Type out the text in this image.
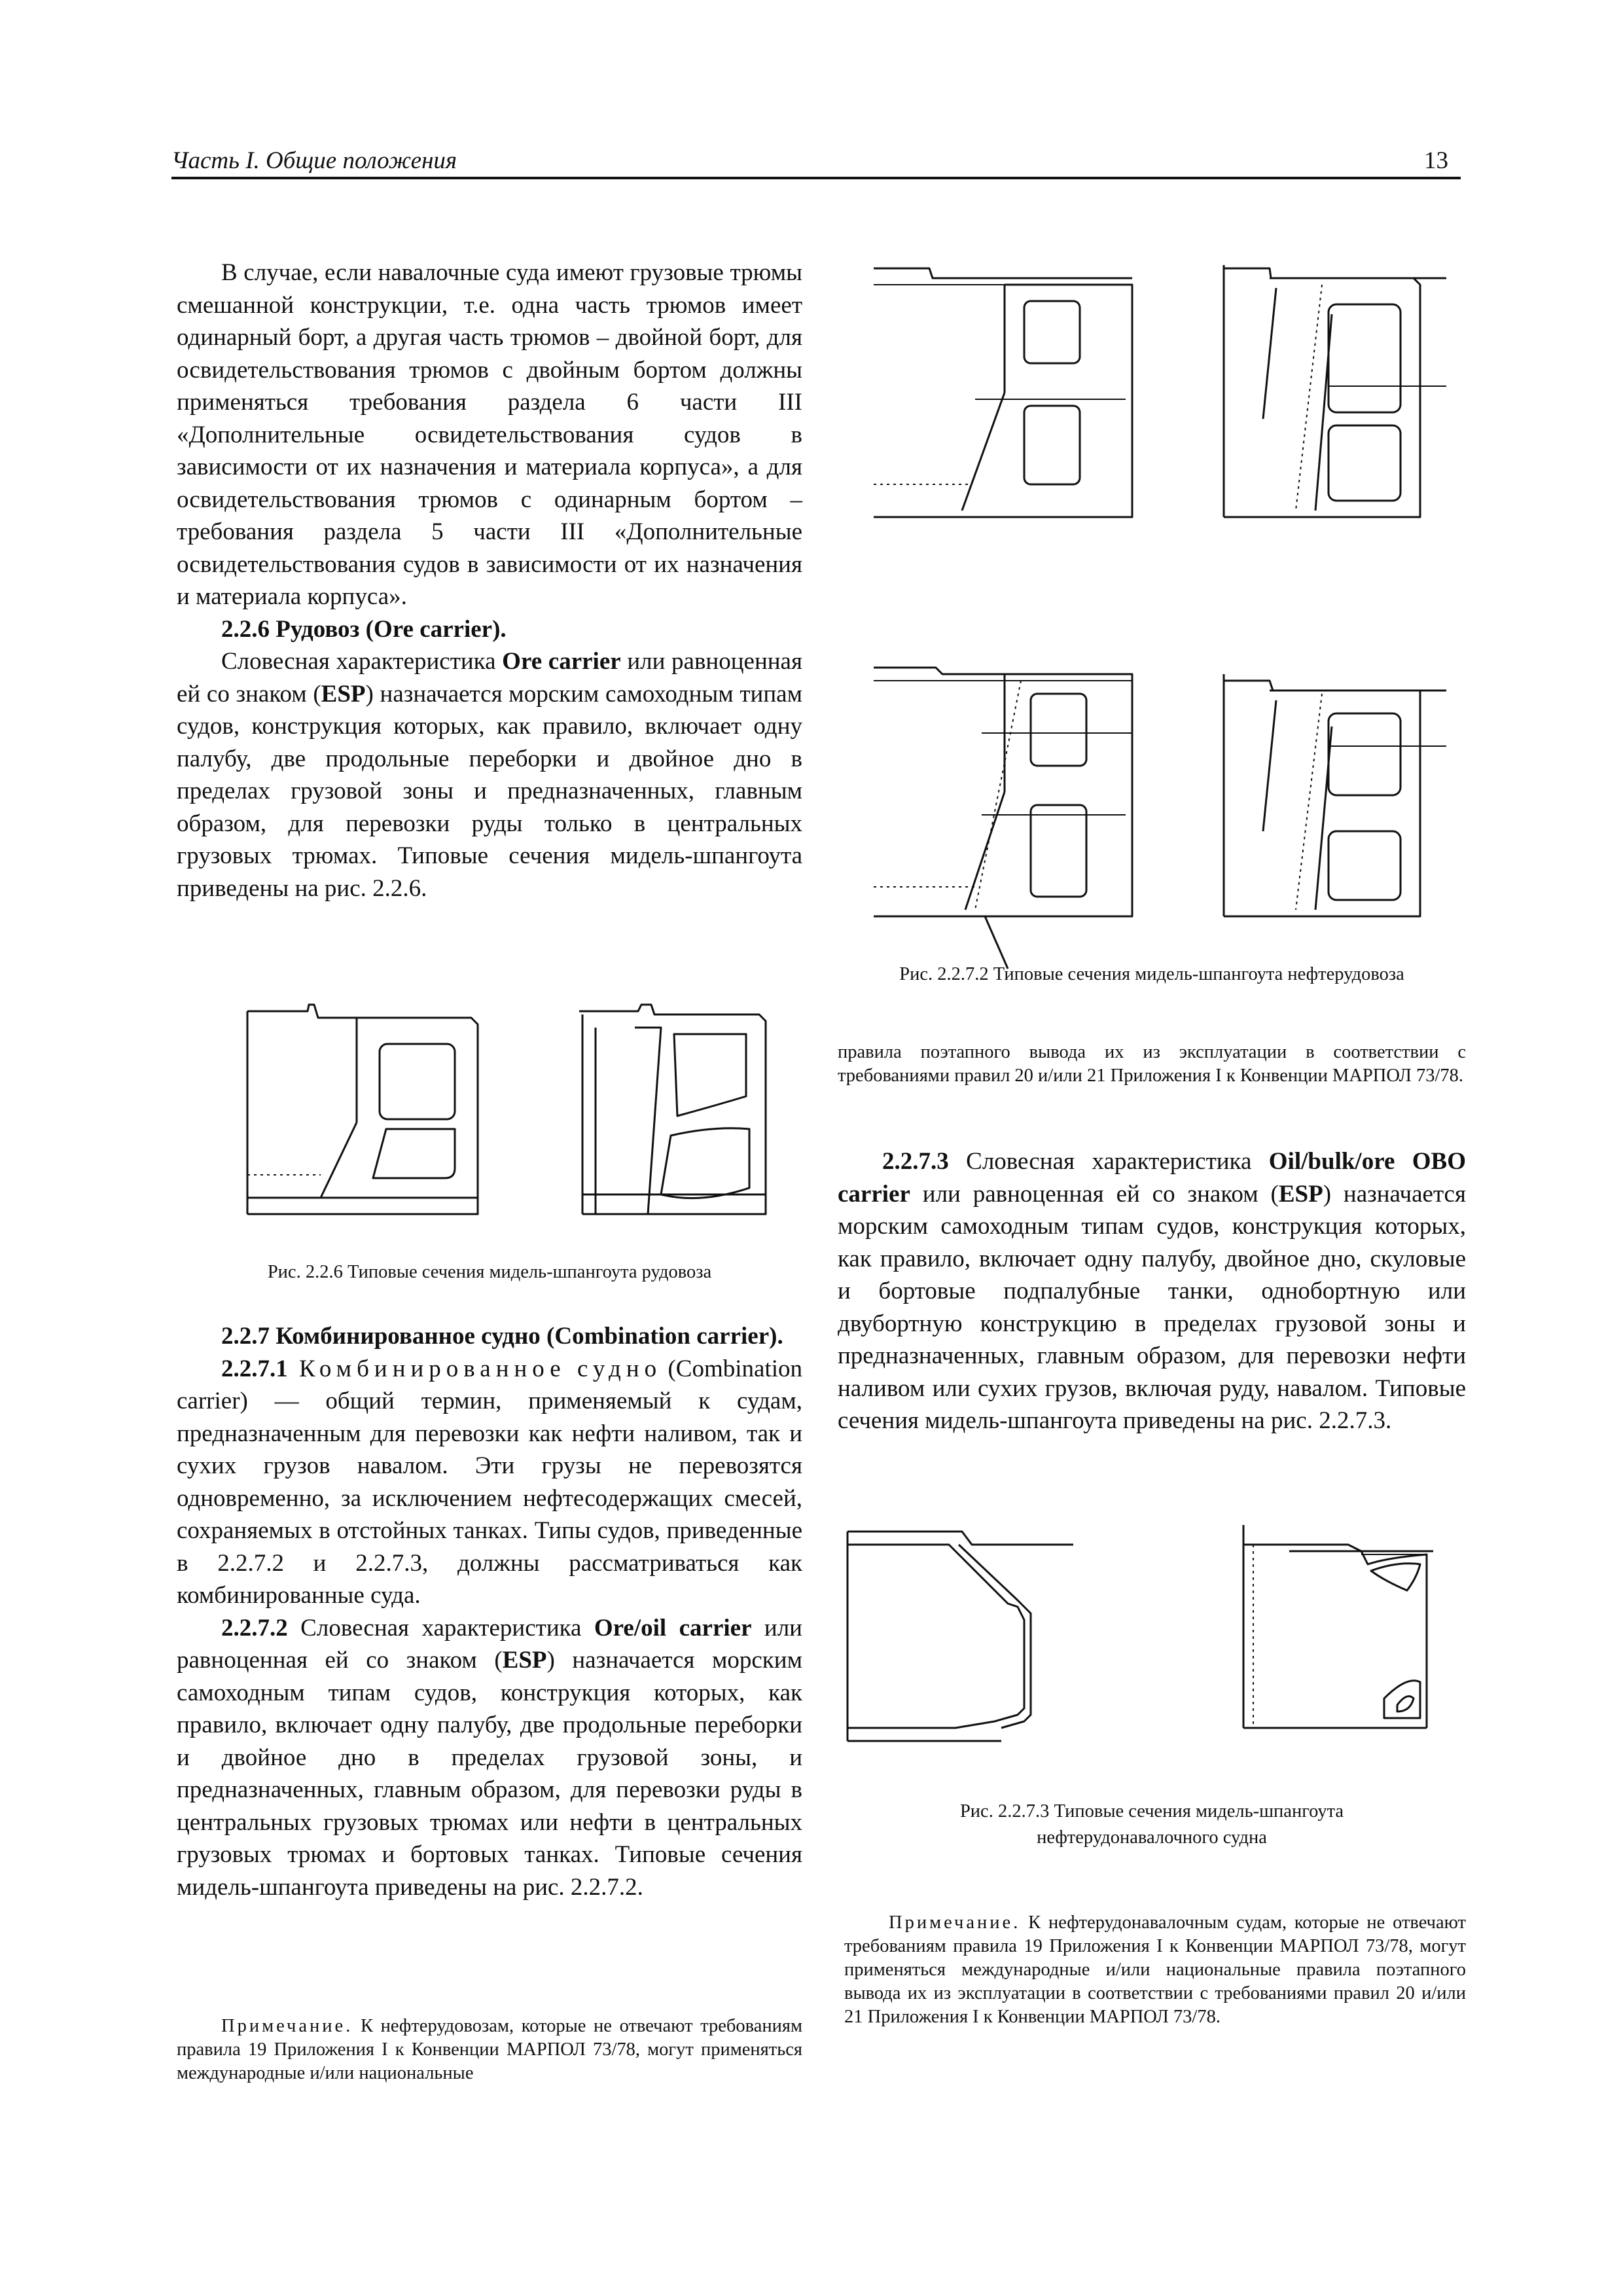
Часть I. Общие положения	13

В случае, если навалочные суда имеют грузовые трюмы смешанной конструкции, т.е. одна часть трюмов имеет одинарный борт, а другая часть трюмов – двойной борт, для освидетельствования трюмов с двойным бортом должны применяться требования раздела 6 части III «Дополнительные освидетельствования судов в зависимости от их назначения и материала корпуса», а для освидетельствования трюмов с одинарным бортом – требования раздела 5 части III «Дополнительные освидетельствования судов в зависимости от их назначения и материала корпуса».

2.2.6 Рудовоз (Ore carrier).

Словесная характеристика Ore carrier или равноценная ей со знаком (ESP) назначается морским самоходным типам судов, конструкция которых, как правило, включает одну палубу, две продольные переборки и двойное дно в пределах грузовой зоны и предназначенных, главным образом, для перевозки руды только в центральных грузовых трюмах. Типовые сечения мидель-шпангоута приведены на рис. 2.2.6.

Рис. 2.2.6 Типовые сечения мидель-шпангоута рудовоза

2.2.7 Комбинированное судно (Combination carrier).

2.2.7.1 Комбинированное судно (Combination carrier) — общий термин, применяемый к судам, предназначенным для перевозки как нефти наливом, так и сухих грузов навалом. Эти грузы не перевозятся одновременно, за исключением нефтесодержащих смесей, сохраняемых в отстойных танках. Типы судов, приведенные в 2.2.7.2 и 2.2.7.3, должны рассматриваться как комбинированные суда.

2.2.7.2 Словесная характеристика Ore/oil carrier или равноценная ей со знаком (ESP) назначается морским самоходным типам судов, конструкция которых, как правило, включает одну палубу, две продольные переборки и двойное дно в пределах грузовой зоны, и предназначенных, главным образом, для перевозки руды в центральных грузовых трюмах или нефти в центральных грузовых трюмах и бортовых танках. Типовые сечения мидель-шпангоута приведены на рис. 2.2.7.2.

Примечание. К нефтерудовозам, которые не отвечают требованиям правила 19 Приложения I к Конвенции МАРПОЛ 73/78, могут применяться международные и/или национальные
Рис. 2.2.7.2 Типовые сечения мидель-шпангоута нефтерудовоза
правила поэтапного вывода их из эксплуатации в соответствии с требованиями правил 20 и/или 21 Приложения I к Конвенции МАРПОЛ 73/78.

2.2.7.3 Словесная характеристика Oil/bulk/ore OBO carrier или равноценная ей со знаком (ESP) назначается морским самоходным типам судов, конструкция которых, как правило, включает одну палубу, двойное дно, скуловые и бортовые подпалубные танки, однобортную или двубортную конструкцию в пределах грузовой зоны и предназначенных, главным образом, для перевозки нефти наливом или сухих грузов, включая руду, навалом. Типовые сечения мидель-шпангоута приведены на рис. 2.2.7.3.

Рис. 2.2.7.3 Типовые сечения мидель-шпангоута
нефтерудонавалочного судна
Примечание. К нефтерудонавалочным судам, которые не отвечают требованиям правила 19 Приложения I к Конвенции МАРПОЛ 73/78, могут применяться международные и/или национальные правила поэтапного вывода их из эксплуатации в соответствии с требованиями правил 20 и/или 21 Приложения I к Конвенции МАРПОЛ 73/78.
